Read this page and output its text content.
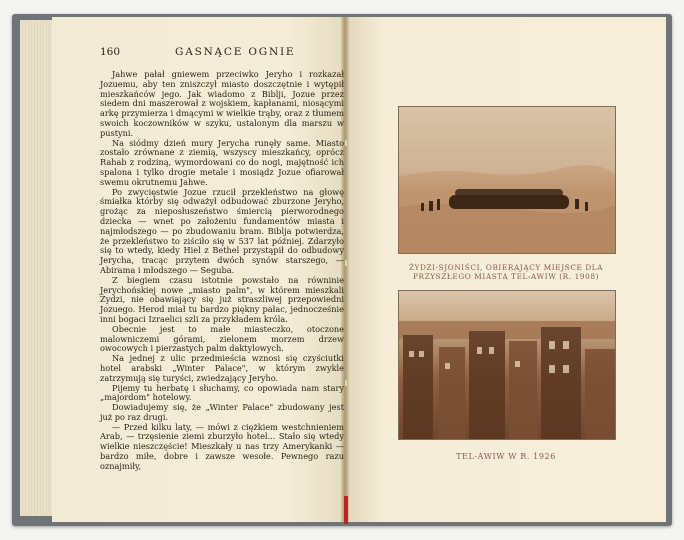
160	GASNĄCE OGNIE

Jahwe pałał gniewem przeciwko Jeryho i rozkazał Jozuemu, aby ten zniszczył miasto doszczętnie i wytępił mieszkańców jego. Jak wiadomo z Biblji, Jozue przez siedem dni maszerował z wojskiem, kapłanami, niosącymi arkę przymierza i dmącymi w wielkie trąby, oraz z tłumem swoich koczowników w szyku, ustalonym dla marszu w pustyni.

Na siódmy dzień mury Jerycha runęły same. Miasto zostało zrównane z ziemią, wszyscy mieszkańcy, oprócz Rahab z rodziną, wymordowani co do nogi, majętność ich spalona i tylko drogie metale i mosiądz Jozue ofiarował swemu okrutnemu Jahwe.

Po zwycięstwie Jozue rzucił przekleństwo na głowę śmiałka którby się odważył odbudować zburzone Jeryho, grożąc za nieposłuszeństwo śmiercią pierworodnego dziecka — wnet po założeniu fundamentów miasta i najmłodszego — po zbudowaniu bram. Biblja potwierdza, że przekleństwo to ziściło się w 537 lat później. Zdarzyło się to wtedy, kiedy Hiel z Bethel przystąpił do odbudowy Jerycha, tracąc przytem dwóch synów starszego, — Abirama i młodszego — Seguba.

Z biegiem czasu istotnie powstało na równinie Jerychońskiej nowe „miasto palm", w którem mieszkali Żydzi, nie obawiający się już straszliwej przepowiedni Jozuego. Herod miał tu bardzo piękny pałac, jednocześnie inni bogaci Izraelici szli za przykładem króla.

Obecnie jest to małe miasteczko, otoczone malowniczemi górami, zielonem morzem drzew owocowych i pierzastych palm daktylowych.

Na jednej z ulic przedmieścia wznosi się czyściutki hotel arabski „Winter Palace", w którym zwykle zatrzymują się turyści, zwiedzający Jeryho.

Pijemy tu herbatę i słuchamy, co opowiada nam stary „majordom" hotelowy.

Dowiadujemy się, że „Winter Palace" zbudowany jest już po raz drugi.

— Przed kilku laty, — mówi z ciężkiem westchnieniem Arab, — trzęsienie ziemi zburzyło hotel... Stało się wtedy wielkie nieszczęście! Mieszkały u nas trzy Amerykanki — bardzo miłe, dobre i zawsze wesołe. Pewnego razu oznajmiły,

ŻYDZI-SJONIŚCI, OBIERAJĄCY MIEJSCE DLA
PRZYSZŁEGO MIASTA TEL-AWIW (R. 1908)
TEL-AWIW W R. 1926
